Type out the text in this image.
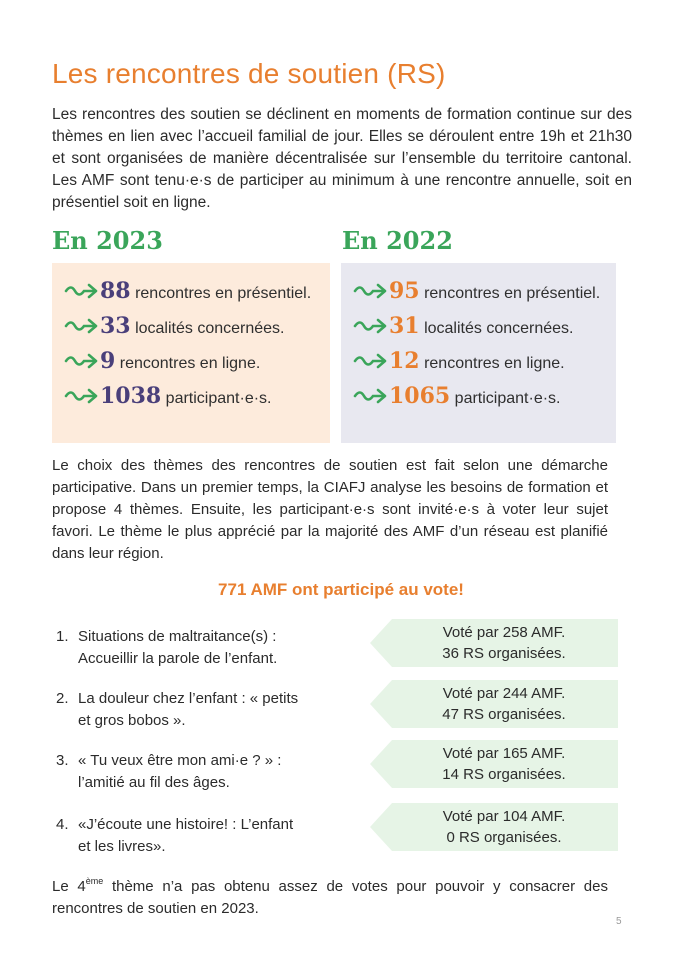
Les rencontres de soutien (RS)

Les rencontres des soutien se déclinent en moments de formation continue sur des thèmes en lien avec l’accueil familial de jour. Elles se déroulent entre 19h et 21h30 et sont organisées de manière décentralisée sur l’ensemble du territoire cantonal. Les AMF sont tenu·e·s de participer au minimum à une rencontre annuelle, soit en présentiel soit en ligne.

En 2023	En 2022
88 rencontres en présentiel.
33 localités concernées.
9 rencontres en ligne.
1038 participant·e·s.
95 rencontres en présentiel.
31 localités concernées.
12 rencontres en ligne.
1065 participant·e·s.

Le choix des thèmes des rencontres de soutien est fait selon une démarche participative. Dans un premier temps, la CIAFJ analyse les besoins de formation et propose 4 thèmes. Ensuite, les participant·e·s sont invité·e·s à voter leur sujet favori. Le thème le plus apprécié par la majorité des AMF d’un réseau est planifié dans leur région.

771 AMF ont participé au vote!
1. Situations de maltraitance(s) :
Accueillir la parole de l’enfant.
Voté par 258 AMF.
36 RS organisées.
2. La douleur chez l’enfant : « petits
et gros bobos ».
Voté par 244 AMF.
47 RS organisées.
3. « Tu veux être mon ami·e ? » :
l’amitié au fil des âges.
Voté par 165 AMF.
14 RS organisées.
4. «J’écoute une histoire! : L’enfant
et les livres».
Voté par 104 AMF.
0 RS organisées.

Le 4ème thème n’a pas obtenu assez de votes pour pouvoir y consacrer des rencontres de soutien en 2023.

5
